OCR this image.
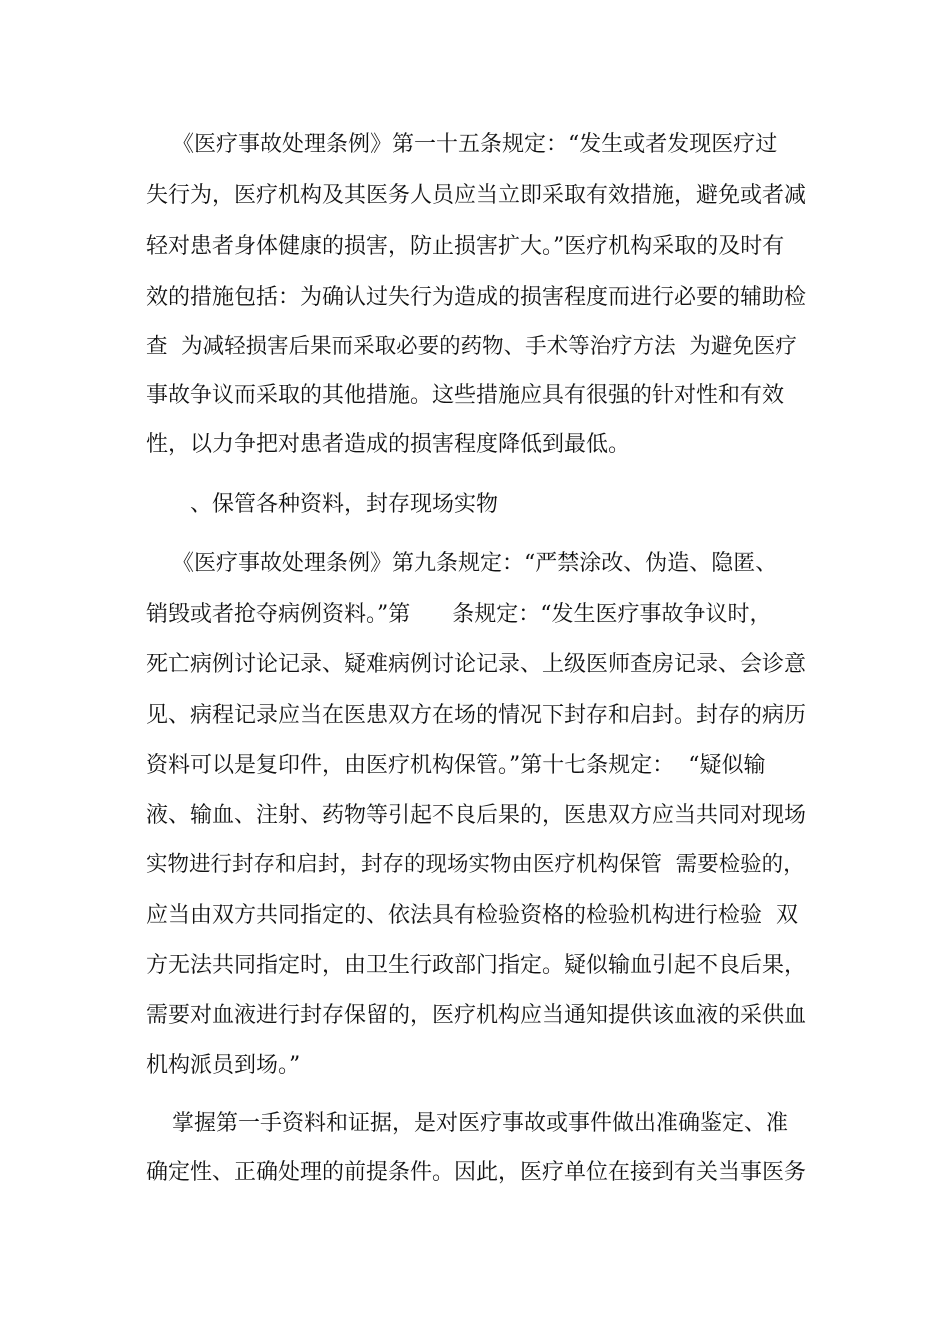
《医疗事故处理条例》第一十五条规定：“发生或者发现医疗过
失行为，医疗机构及其医务人员应当立即采取有效措施，避免或者减
轻对患者身体健康的损害，防止损害扩大。”医疗机构采取的及时有
效的措施包括：为确认过失行为造成的损害程度而进行必要的辅助检
查  为减轻损害后果而采取必要的药物、手术等治疗方法  为避免医疗
事故争议而采取的其他措施。这些措施应具有很强的针对性和有效
性，以力争把对患者造成的损害程度降低到最低。
、保管各种资料，封存现场实物
《医疗事故处理条例》第九条规定：“严禁涂改、伪造、隐匿、
销毁或者抢夺病例资料。”第      条规定：“发生医疗事故争议时，
死亡病例讨论记录、疑难病例讨论记录、上级医师查房记录、会诊意
见、病程记录应当在医患双方在场的情况下封存和启封。封存的病历
资料可以是复印件，由医疗机构保管。”第十七条规定：  “疑似输
液、输血、注射、药物等引起不良后果的，医患双方应当共同对现场
实物进行封存和启封，封存的现场实物由医疗机构保管  需要检验的，
应当由双方共同指定的、依法具有检验资格的检验机构进行检验  双
方无法共同指定时，由卫生行政部门指定。疑似输血引起不良后果，
需要对血液进行封存保留的，医疗机构应当通知提供该血液的采供血
机构派员到场。”
掌握第一手资料和证据，是对医疗事故或事件做出准确鉴定、准
确定性、正确处理的前提条件。因此，医疗单位在接到有关当事医务
